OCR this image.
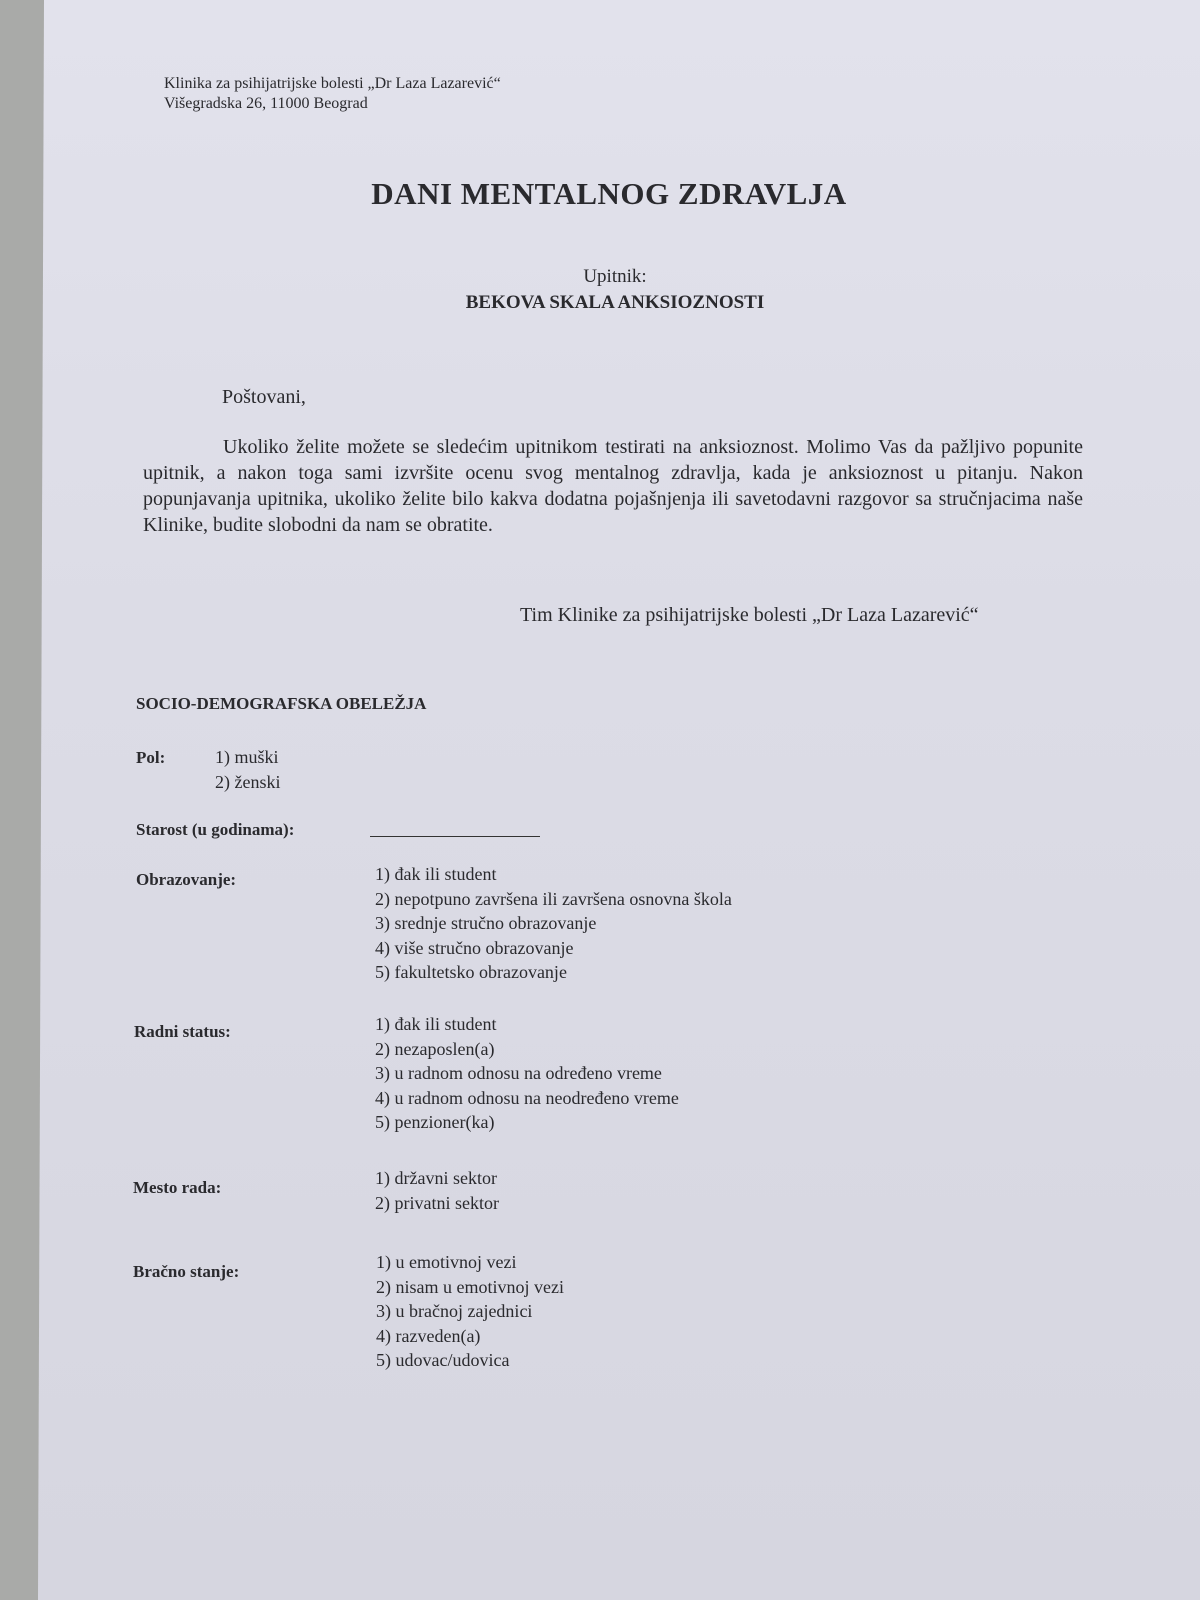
Klinika za psihijatrijske bolesti „Dr Laza Lazarević“
Višegradska 26, 11000 Beograd
DANI MENTALNOG ZDRAVLJA
Upitnik:
BEKOVA SKALA ANKSIOZNOSTI
Poštovani,
Ukoliko želite možete se sledećim upitnikom testirati na anksioznost. Molimo Vas da pažljivo popunite upitnik, a nakon toga sami izvršite ocenu svog mentalnog zdravlja, kada je anksioznost u pitanju. Nakon popunjavanja upitnika, ukoliko želite bilo kakva dodatna pojašnjenja ili savetodavni razgovor sa stručnjacima naše Klinike, budite slobodni da nam se obratite.
Tim Klinike za psihijatrijske bolesti „Dr Laza Lazarević“
SOCIO-DEMOGRAFSKA OBELEŽJA
Pol:	1) muški
2) ženski
Starost (u godinama):
Obrazovanje:	1) đak ili student
2) nepotpuno završena ili završena osnovna škola
3) srednje stručno obrazovanje
4) više stručno obrazovanje
5) fakultetsko obrazovanje
Radni status:	1) đak ili student
2) nezaposlen(a)
3) u radnom odnosu na određeno vreme
4) u radnom odnosu na neodređeno vreme
5) penzioner(ka)
Mesto rada:	1) državni sektor
2) privatni sektor
Bračno stanje:	1) u emotivnoj vezi
2) nisam u emotivnoj vezi
3) u bračnoj zajednici
4) razveden(a)
5) udovac/udovica
